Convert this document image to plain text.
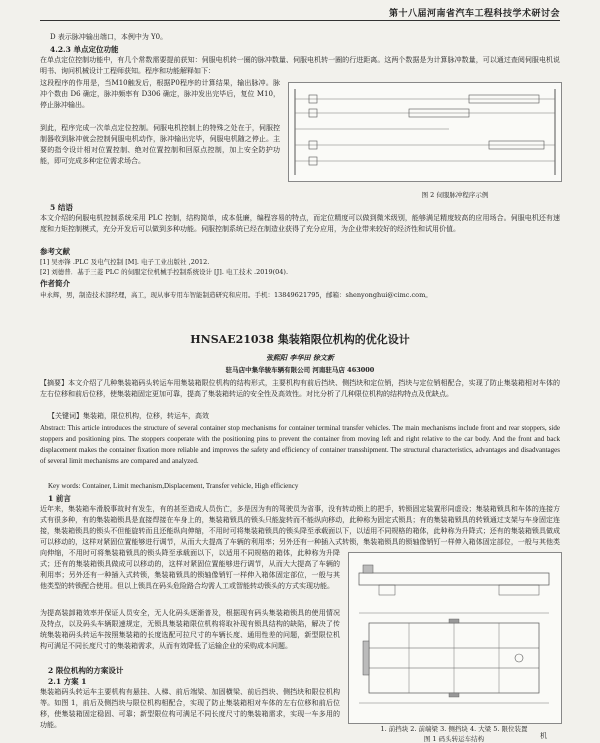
第十八届河南省汽车工程科技学术研讨会
D 表示脉冲输出端口，本例中为 Y0。
4.2.3 单点定位功能
在单点定位控制功能中，有几个常数需要提前获知：伺服电机转一圈的脉冲数量、伺服电机转一圈的行进距离。这两个数据是为计算脉冲数量，可以通过查阅伺服电机说明书、询问机械设计工程师获知。程序和功能解释如下：
这段程序的作用是，当M10触发后，根据P0程序的计算结果，输出脉冲。脉冲个数由 D6 确定，脉冲频率有 D306 确定，脉冲发出完毕后，复位 M10，停止脉冲输出。
到此，程序完成一次单点定位控制。伺服电机控制上的特殊之处在于，伺服控制器收到脉冲就会控制伺服电机动作，脉冲输出完毕，伺服电机随之停止。主要的指令设计相对位置控制、绝对位置控制和回原点控制，加上安全防护功能，即可完成多种定位需求场合。
图 2 伺服脉冲程序示例
5 结语
本文介绍的伺服电机控制系统采用 PLC 控制，结构简单，成本低廉，编程容易的特点，而定位精度可以做到微米级别，能够满足精度较高的应用场合。伺服电机还有速度和力矩控制模式，充分开发后可以做到多种功能。伺服控制系统已经在制造业获得了充分应用，为企业带来较好的经济性和试用价值。
参考文献
[1] 吴亦锋 .PLC 及电气控制 [M]. 电子工业出版社 ,2012.
[2] 刘德普．基于三菱 PLC 的伺服定位机械手控制系统设计 [J]. 电工技术 .2019(04).
作者简介
申永辉，男，制造技术部经理，高工，现从事专用车智能制造研究和应用。手机：13849621795，邮箱：shenyonghui@cimc.com。
HNSAE21038 集装箱限位机构的优化设计
张熙阳 李华田 徐文新
驻马店中集华骏车辆有限公司 河南驻马店 463000
【摘要】本文介绍了几种集装箱码头转运车用集装箱限位机构的结构形式，主要机构有前后挡块、侧挡块和定位销，挡块与定位销相配合，实现了防止集装箱相对车体的左右位移和前后位移，使集装箱固定更加可靠，提高了集装箱转运的安全性及高效性。对比分析了几种限位机构的结构特点及优缺点。
【关键词】集装箱，限位机构，位移，转运车，高效
Abstract: This article introduces the structure of several container stop mechanisms for container terminal transfer vehicles. The main mechanisms include front and rear stoppers, side stoppers and positioning pins. The stoppers cooperate with the positioning pins to prevent the container from moving left and right relative to the car body. And the front and back displacement makes the container fixation more reliable and improves the safety and efficiency of container transshipment. The structural characteristics, advantages and disadvantages of several limit mechanisms are compared and analyzed.
Key words: Container, Limit mechanism,Displacement, Transfer vehicle, High efficiency
1 前言
近年来，集装箱车滑脱事故时有发生，有的甚至造成人员伤亡，多是因为有的驾驶员为省事，没有转动锁上的把手，转锁固定装置形同虚设；集装箱锁具和车体的连接方式有很多种，有的集装箱锁具是直接焊接在车身上的，集装箱锁具的锁头只能旋转而不能纵向移动，此种称为固定式锁具；有的集装箱锁具的转锁通过支架与车身固定连接，集装箱锁具的锁头不但能旋转而且还能纵向伸缩，不用时可将集装箱锁具的锁头降至承载面以下，以适用不同规格的箱体，此种称为升降式；还有的集装箱锁具做成可以移动的，这样对紧固位置能够进行调节，从而大大提高了车辆的利用率；另外还有一种插入式转锁，集装箱锁具的锁轴像销钉一样伸入箱体固定部位，一般与其他类
向伸缩，不用时可将集装箱锁具的锁头降至承载面以下，以适用不同规格的箱体，此种称为升降式；还有的集装箱锁具做成可以移动的，这样对紧固位置能够进行调节，从而大大提高了车辆的利用率；另外还有一种插入式转锁，集装箱锁具的锁轴像销钉一样伸入箱体固定部位，一般与其他类型的转锁配合使用。但以上锁具在码头危险路合均需人工或智能转动锁头的方式实现功能。
为提高装卸箱效率并保证人员安全，无人化码头逐渐普及，根据现有码头集装箱锁具的使用情况及特点，以及码头车辆限速规定，无锁具集装箱限位机构将取补现有锁具结构的缺陷，解决了传统集装箱码头转运车按照集装箱的长度选配可拉尺寸的车辆长度、通用性差的问题，新型限位机构可满足不同长度尺寸的集装箱需求，从而有效降低了运输企业的采购成本问题。
2 限位机构的方案设计
2.1 方案 1
集装箱码头转运车主要机构有悬挂、人梯、前后端梁、加固横梁、前后挡块、侧挡块和限位机构等。如图 1，前后及侧挡块与限位机构相配合，实现了防止集装箱相对车体的左右位移和前后位移，使集装箱固定稳固、可靠；新型限位构可满足不同长度尺寸的集装箱需求，实现一车多用的功能。	1. 前挡块 2. 前端梁 3. 侧挡块 4. 大梁 5. 限位装置
图 1 码头转运车结构	机
